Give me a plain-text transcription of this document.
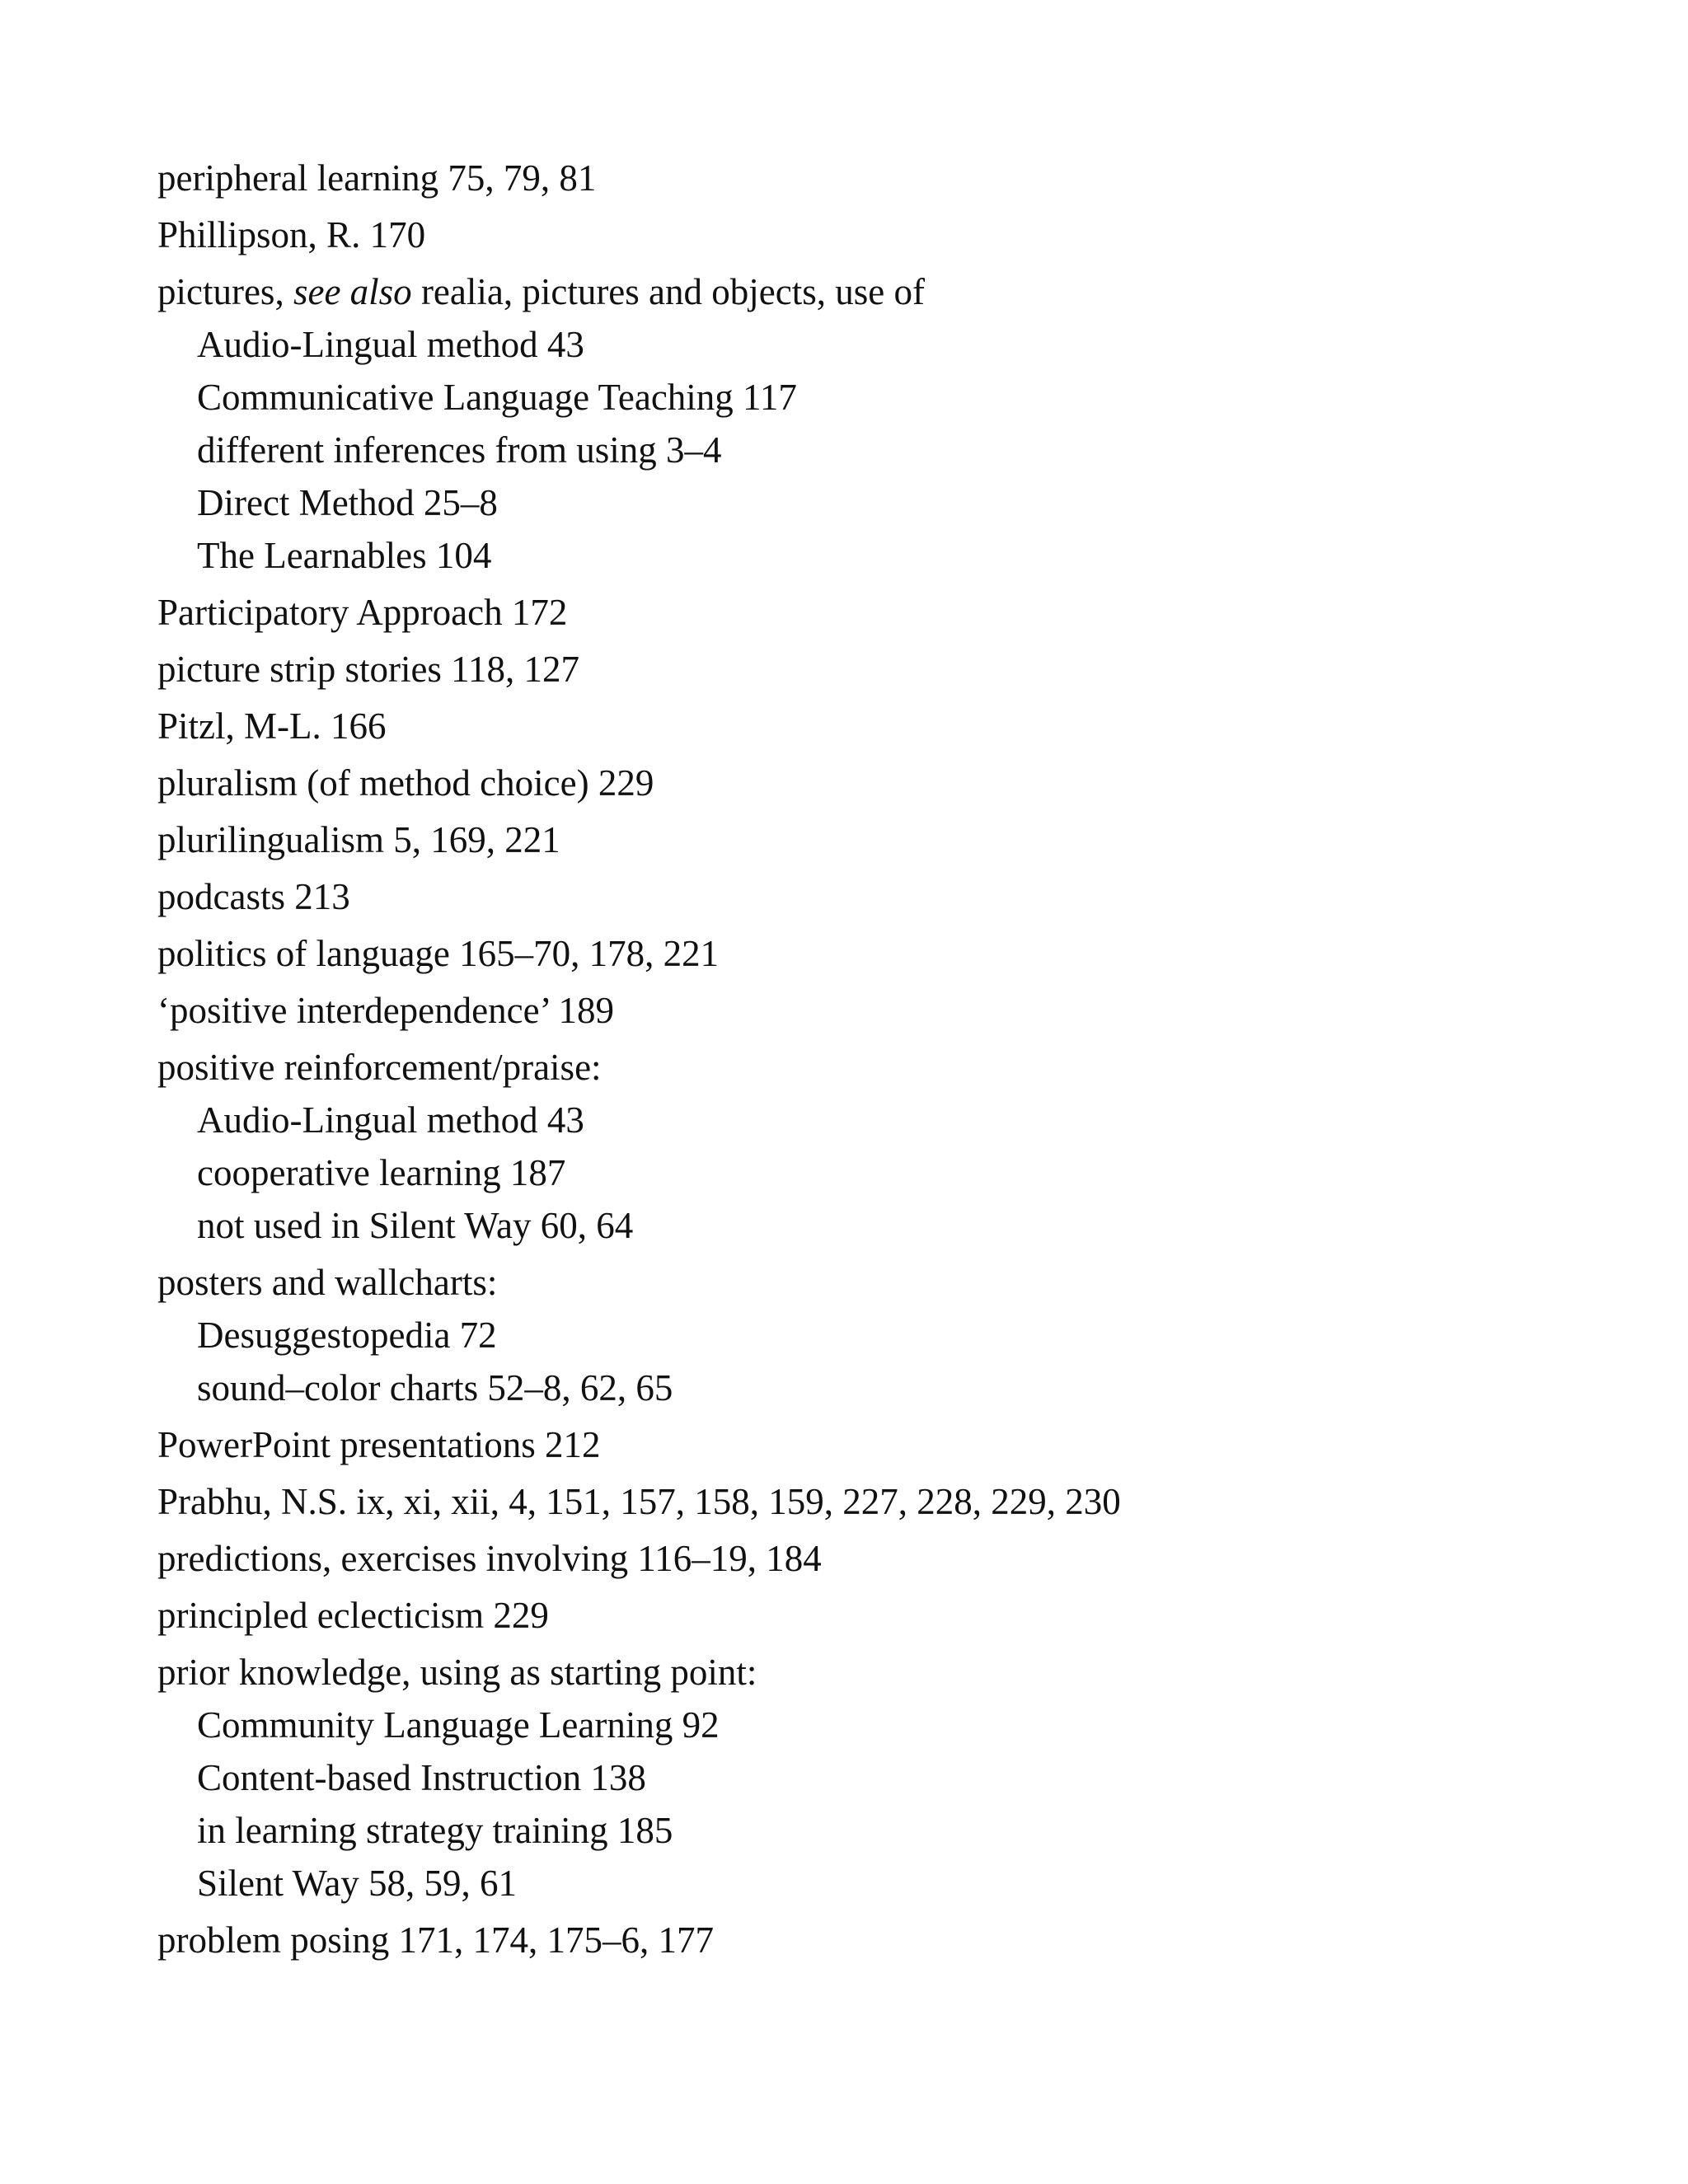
peripheral learning 75, 79, 81
Phillipson, R. 170
pictures, see also realia, pictures and objects, use of
Audio-Lingual method 43
Communicative Language Teaching 117
different inferences from using 3–4
Direct Method 25–8
The Learnables 104
Participatory Approach 172
picture strip stories 118, 127
Pitzl, M-L. 166
pluralism (of method choice) 229
plurilingualism 5, 169, 221
podcasts 213
politics of language 165–70, 178, 221
‘positive interdependence’ 189
positive reinforcement/praise:
Audio-Lingual method 43
cooperative learning 187
not used in Silent Way 60, 64
posters and wallcharts:
Desuggestopedia 72
sound–color charts 52–8, 62, 65
PowerPoint presentations 212
Prabhu, N.S. ix, xi, xii, 4, 151, 157, 158, 159, 227, 228, 229, 230
predictions, exercises involving 116–19, 184
principled eclecticism 229
prior knowledge, using as starting point:
Community Language Learning 92
Content-based Instruction 138
in learning strategy training 185
Silent Way 58, 59, 61
problem posing 171, 174, 175–6, 177
